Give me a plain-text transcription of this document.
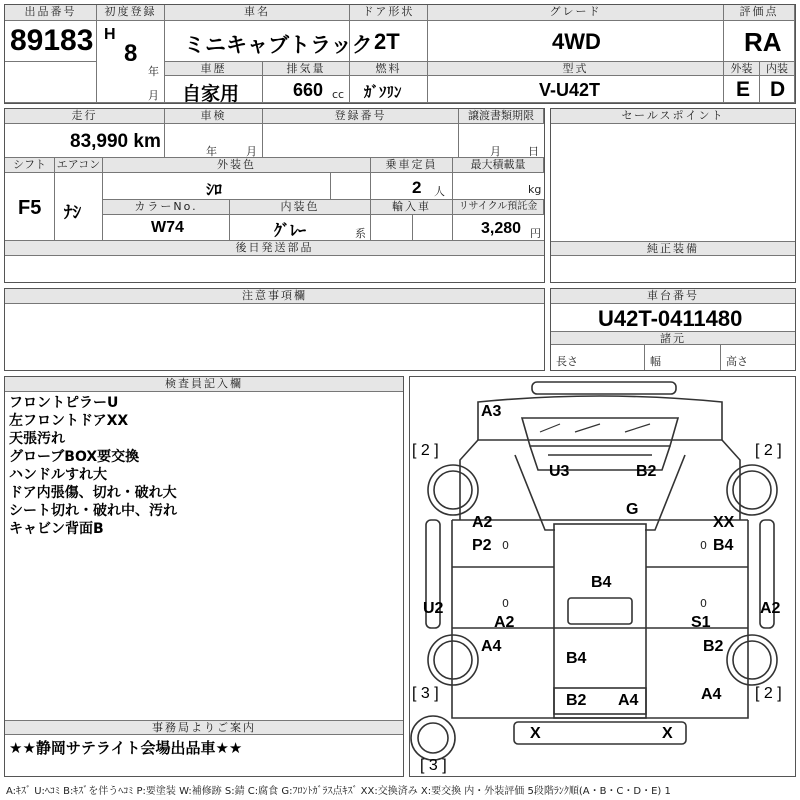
出品番号
89183
初度登録
H
8
年
月
車名
ミニキャブトラック
ドア形状
2T
グレード
4WD
評価点
RA
車歴
自家用
排気量
660 cc
燃料
ｶﾞｿﾘﾝ
型式
V-U42T
外装
E
内装
D
走行
83,990 km
車検
年	月
登録番号	譲渡書類期限
月 日
シフト
F5
エアコン
ﾅｼ
外装色
ｼﾛ
乗車定員
2 人
最大積載量
kg
カラーNo.
W74
内装色
ｸﾞﾚｰ	系
輸入車	リサイクル預託金
3,280 円
後日発送部品
セールスポイント
純正装備
注意事項欄	車台番号
U42T-0411480
諸元
長さ	幅	高さ
検査員記入欄
フロントピラーU
左フロントドアXX
天張汚れ
グローブBOX要交換
ハンドルすれ大
ドア内張傷、切れ・破れ大
シート切れ・破れ中、汚れ
キャビン背面B
事務局よりご案内
★★静岡サテライト会場出品車★★
A3
U3	B2
G
A2
P2 0
XX
0 B4
B4
U2	0	0	A2
A2	S1
A4	B2
B4
B2 A4	A4
X	X
[ 2 ]	[ 2 ]
[ 3 ]	[ 2 ]
[ 3 ]
A:ｷｽﾞ U:ﾍｺﾐ B:ｷｽﾞを伴うﾍｺﾐ P:要塗装 W:補修跡 S:錆 C:腐食 G:ﾌﾛﾝﾄｶﾞﾗｽ点ｷｽﾞ XX:交換済み X:要交換 内・外装評価 5段階ﾗﾝｸ順(A・B・C・D・E) 1
